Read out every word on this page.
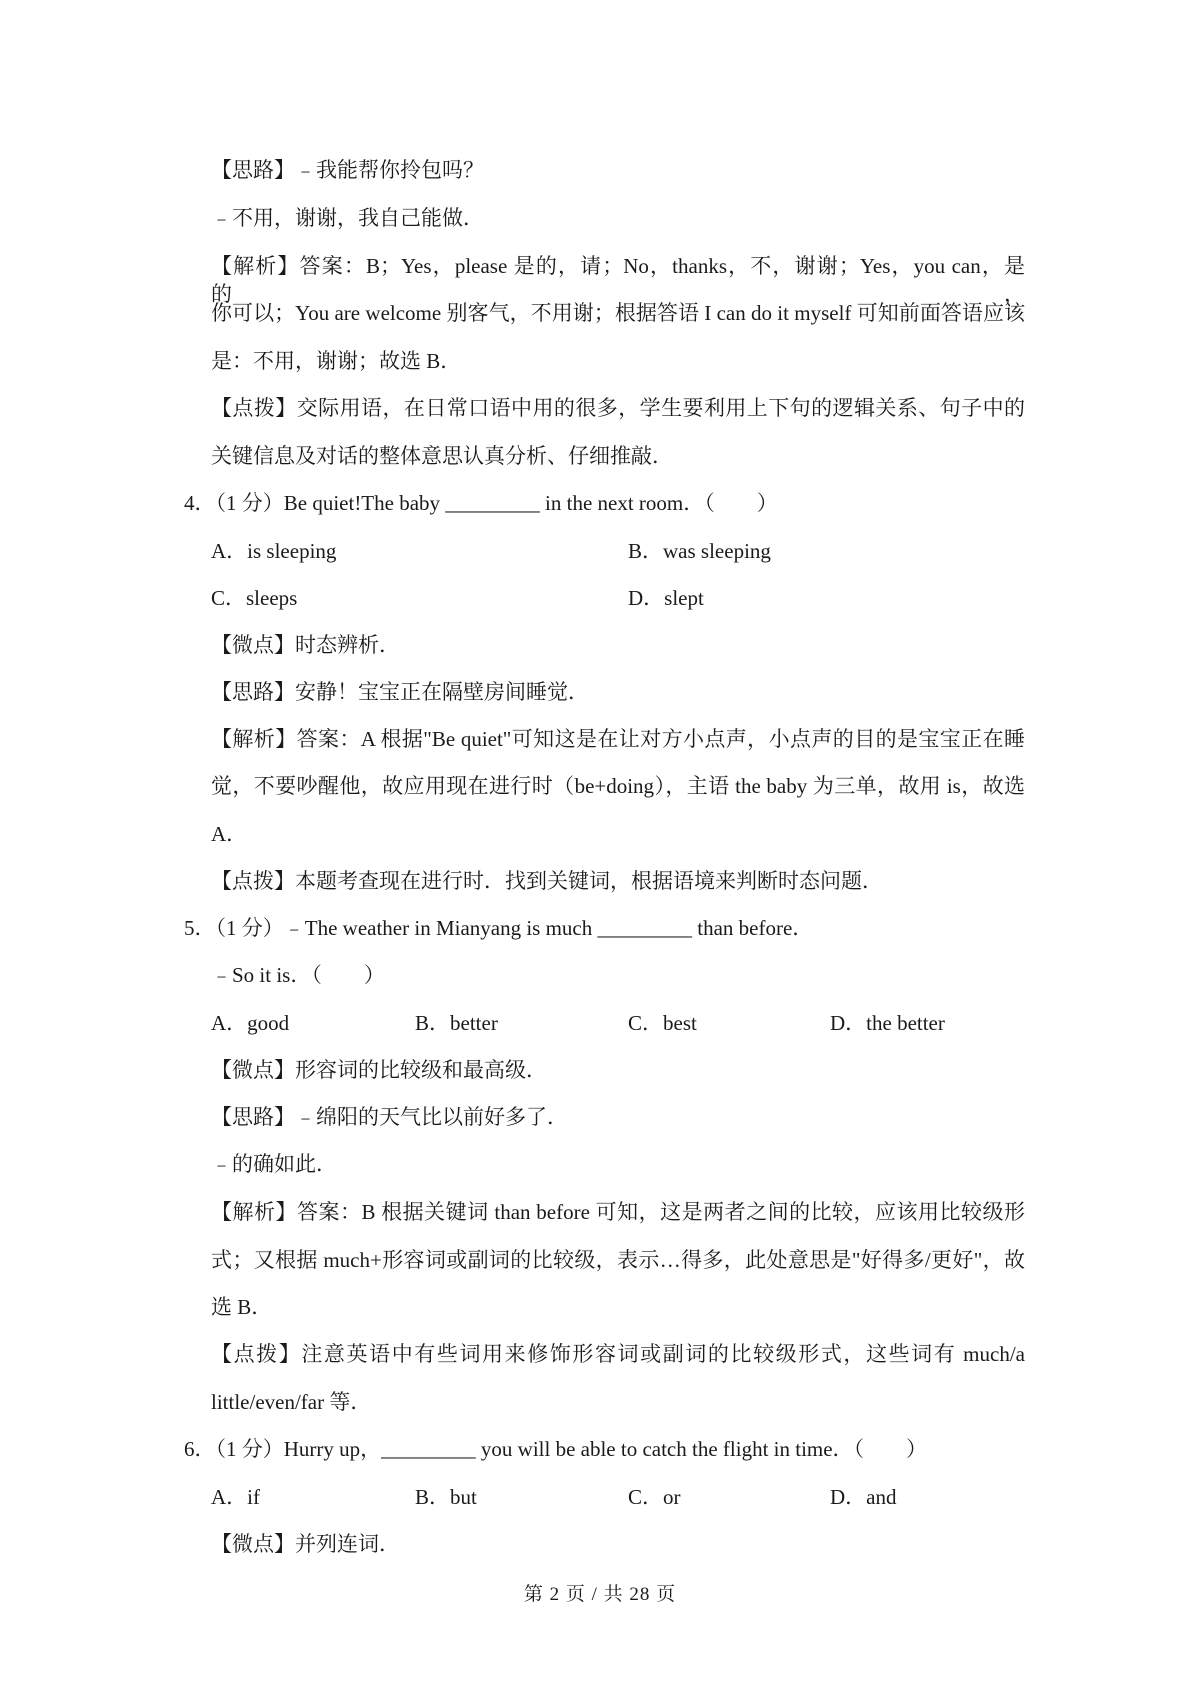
【思路】﹣我能帮你拎包吗？
﹣不用，谢谢，我自己能做．
【解析】答案：B；Yes，please 是的，请；No，thanks，不，谢谢；Yes，you can，是的，
你可以；You are welcome 别客气，不用谢；根据答语 I can do it myself 可知前面答语应该
是：不用，谢谢；故选 B．
【点拨】交际用语，在日常口语中用的很多，学生要利用上下句的逻辑关系、句子中的
关键信息及对话的整体意思认真分析、仔细推敲．
4．（1 分）Be quiet!The baby _________ in the next room．（　　）
A．is sleeping	B．was sleeping
C．sleeps	D．slept
【微点】时态辨析．
【思路】安静！宝宝正在隔壁房间睡觉．
【解析】答案：A 根据"Be quiet"可知这是在让对方小点声，小点声的目的是宝宝正在睡
觉，不要吵醒他，故应用现在进行时（be+doing），主语 the baby 为三单，故用 is，故选
A．
【点拨】本题考查现在进行时．找到关键词，根据语境来判断时态问题．
5．（1 分）﹣The weather in Mianyang is much _________ than before．
﹣So it is．（　　）
A．good	B．better	C．best	D．the better
【微点】形容词的比较级和最高级．
【思路】﹣绵阳的天气比以前好多了．
﹣的确如此．
【解析】答案：B 根据关键词 than before 可知，这是两者之间的比较，应该用比较级形
式；又根据 much+形容词或副词的比较级，表示…得多，此处意思是"好得多/更好"，故
选 B．
【点拨】注意英语中有些词用来修饰形容词或副词的比较级形式，这些词有 much/a
little/even/far 等．
6．（1 分）Hurry up，_________ you will be able to catch the flight in time．（　　）
A．if	B．but	C．or	D．and
【微点】并列连词．
第 2 页 / 共 28 页
